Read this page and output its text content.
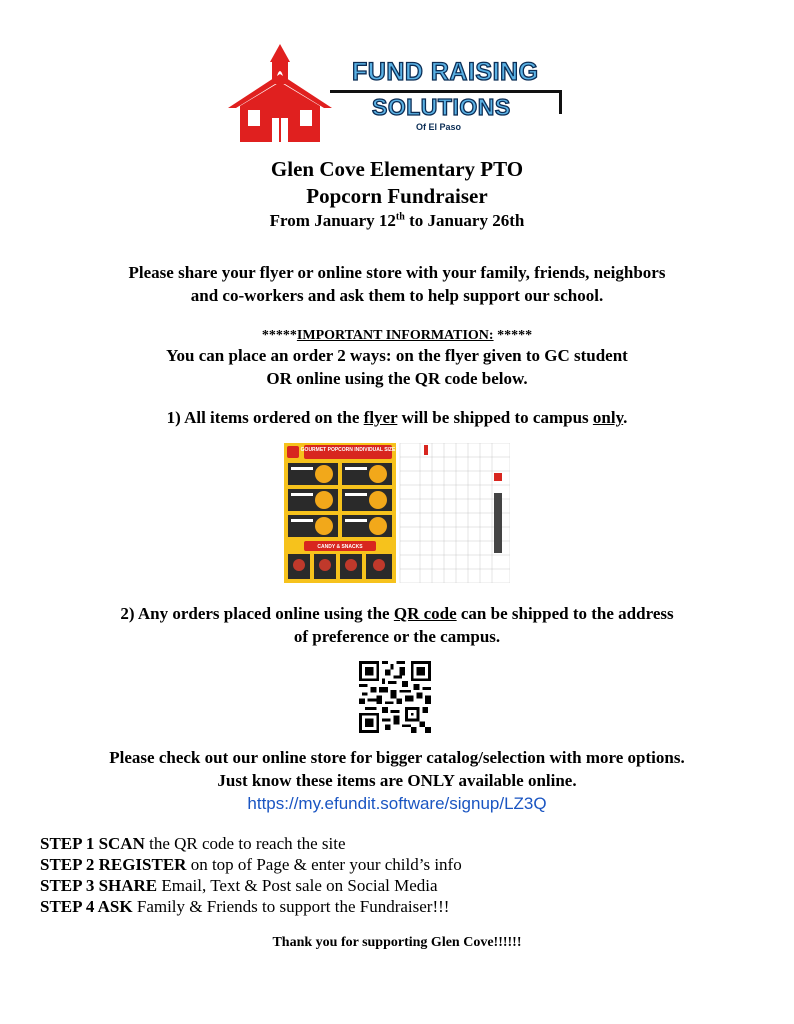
FUND RAISING
SOLUTIONS
Of El Paso
Glen Cove Elementary PTO
Popcorn Fundraiser
From January 12th to January 26th
Please share your flyer or online store with your family, friends, neighbors
and co-workers and ask them to help support our school.
*****IMPORTANT INFORMATION: *****
You can place an order 2 ways: on the flyer given to GC student
OR online using the QR code below.
1) All items ordered on the flyer will be shipped to campus only.
GOURMET POPCORN INDIVIDUAL SIZE
CANDY & SNACKS
2) Any orders placed online using the QR code can be shipped to the address
of preference or the campus.
Please check out our online store for bigger catalog/selection with more options.
Just know these items are ONLY available online.
https://my.efundit.software/signup/LZ3Q
STEP 1 SCAN the QR code to reach the site
STEP 2 REGISTER on top of Page & enter your child’s info
STEP 3 SHARE Email, Text & Post sale on Social Media
STEP 4 ASK Family & Friends to support the Fundraiser!!!
Thank you for supporting Glen Cove!!!!!!
